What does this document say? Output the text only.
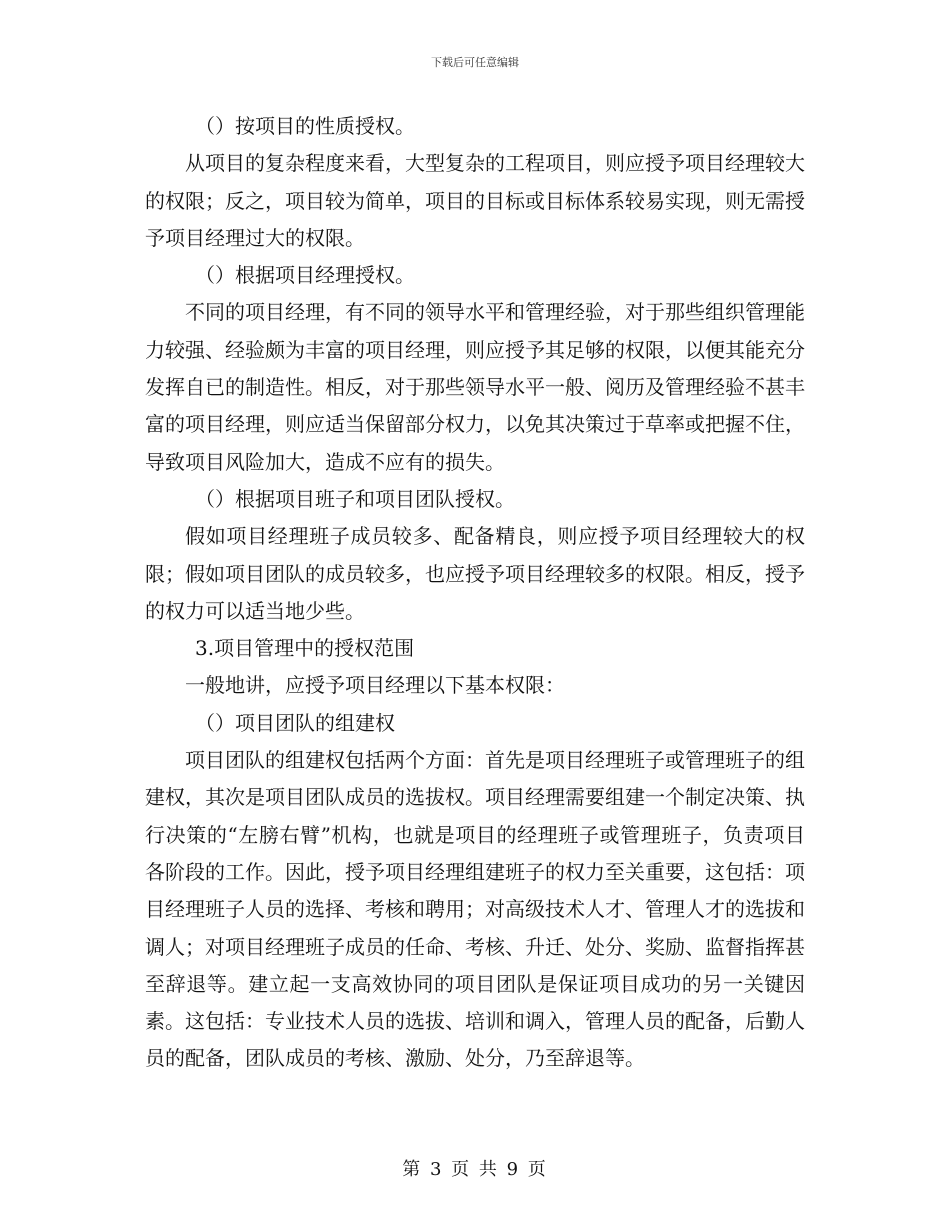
下载后可任意编辑

（）按项目的性质授权。

从项目的复杂程度来看，大型复杂的工程项目，则应授予项目经理较大的权限；反之，项目较为简单，项目的目标或目标体系较易实现，则无需授予项目经理过大的权限。

（）根据项目经理授权。

不同的项目经理，有不同的领导水平和管理经验，对于那些组织管理能力较强、经验颇为丰富的项目经理，则应授予其足够的权限，以便其能充分发挥自已的制造性。相反，对于那些领导水平一般、阅历及管理经验不甚丰富的项目经理，则应适当保留部分权力，以免其决策过于草率或把握不住，导致项目风险加大，造成不应有的损失。

（）根据项目班子和项目团队授权。

假如项目经理班子成员较多、配备精良，则应授予项目经理较大的权限；假如项目团队的成员较多，也应授予项目经理较多的权限。相反，授予的权力可以适当地少些。

3.项目管理中的授权范围

一般地讲，应授予项目经理以下基本权限：

（）项目团队的组建权

项目团队的组建权包括两个方面：首先是项目经理班子或管理班子的组建权，其次是项目团队成员的选拔权。项目经理需要组建一个制定决策、执行决策的“左膀右臂”机构，也就是项目的经理班子或管理班子，负责项目各阶段的工作。因此，授予项目经理组建班子的权力至关重要，这包括：项目经理班子人员的选择、考核和聘用；对高级技术人才、管理人才的选拔和调人；对项目经理班子成员的任命、考核、升迁、处分、奖励、监督指挥甚至辞退等。建立起一支高效协同的项目团队是保证项目成功的另一关键因素。这包括：专业技术人员的选拔、培训和调入，管理人员的配备，后勤人员的配备，团队成员的考核、激励、处分，乃至辞退等。

第 3 页 共 9 页
